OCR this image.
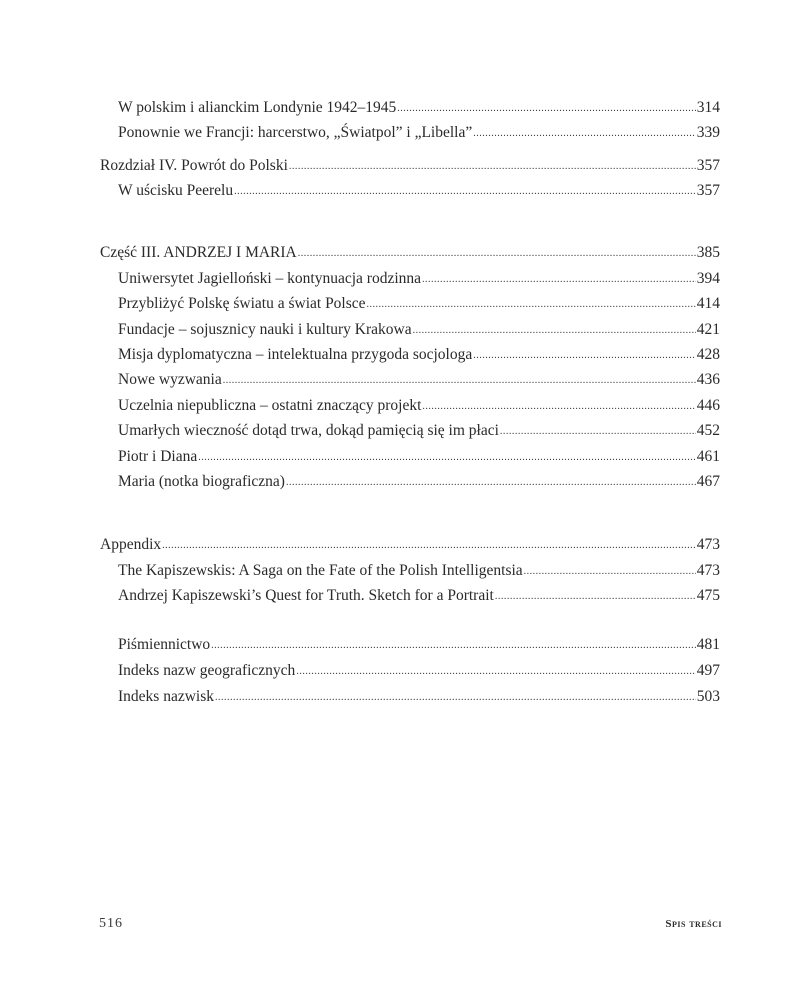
W polskim i alianckim Londynie 1942–1945 .....	314
Ponownie we Francji: harcerstwo, „Światpol” i „Libella” .....	339
Rozdział IV. Powrót do Polski .....	357
W uścisku Peerelu .....	357
Część III. ANDRZEJ I MARIA .....	385
Uniwersytet Jagielloński – kontynuacja rodzinna .....	394
Przybliżyć Polskę światu a świat Polsce .....	414
Fundacje – sojusznicy nauki i kultury Krakowa .....	421
Misja dyplomatyczna – intelektualna przygoda socjologa .....	428
Nowe wyzwania .....	436
Uczelnia niepubliczna – ostatni znaczący projekt .....	446
Umarłych wieczność dotąd trwa, dokąd pamięcią się im płaci .....	452
Piotr i Diana .....	461
Maria (notka biograficzna) .....	467
Appendix .....	473
The Kapiszewskis: A Saga on the Fate of the Polish Intelligentsia .....	473
Andrzej Kapiszewski’s Quest for Truth. Sketch for a Portrait .....	475
Piśmiennictwo .....	481
Indeks nazw geograficznych .....	497
Indeks nazwisk .....	503
516	Spis treści
